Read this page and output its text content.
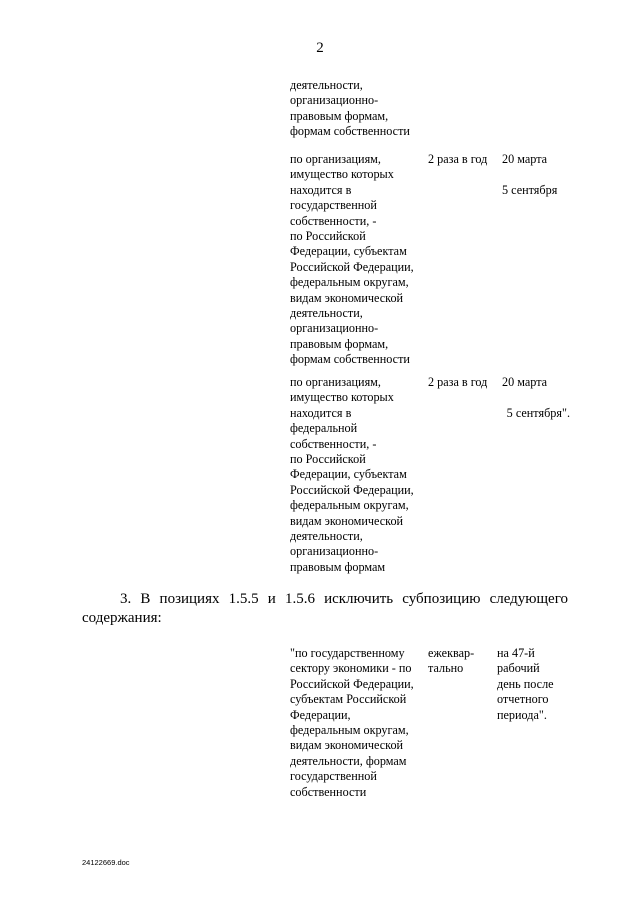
2
деятельности,
организационно-
правовым формам,
формам собственности
по организациям,
имущество которых
находится в
государственной
собственности, -
по Российской
Федерации, субъектам
Российской Федерации,
федеральным округам,
видам экономической
деятельности,
организационно-
правовым формам,
формам собственности
2 раза в год	20 марта

5 сентября
по организациям,
имущество которых
находится в
федеральной
собственности, -
по Российской
Федерации, субъектам
Российской Федерации,
федеральным округам,
видам экономической
деятельности,
организационно-
правовым формам
2 раза в год	20 марта

5 сентября".
3. В позициях 1.5.5 и 1.5.6 исключить субпозицию следующего
содержания:
"по государственному
сектору экономики - по
Российской Федерации,
субъектам Российской
Федерации,
федеральным округам,
видам экономической
деятельности, формам
государственной
собственности
ежеквар-
тально
на 47-й
рабочий
день после
отчетного
периода".
24122669.doc
